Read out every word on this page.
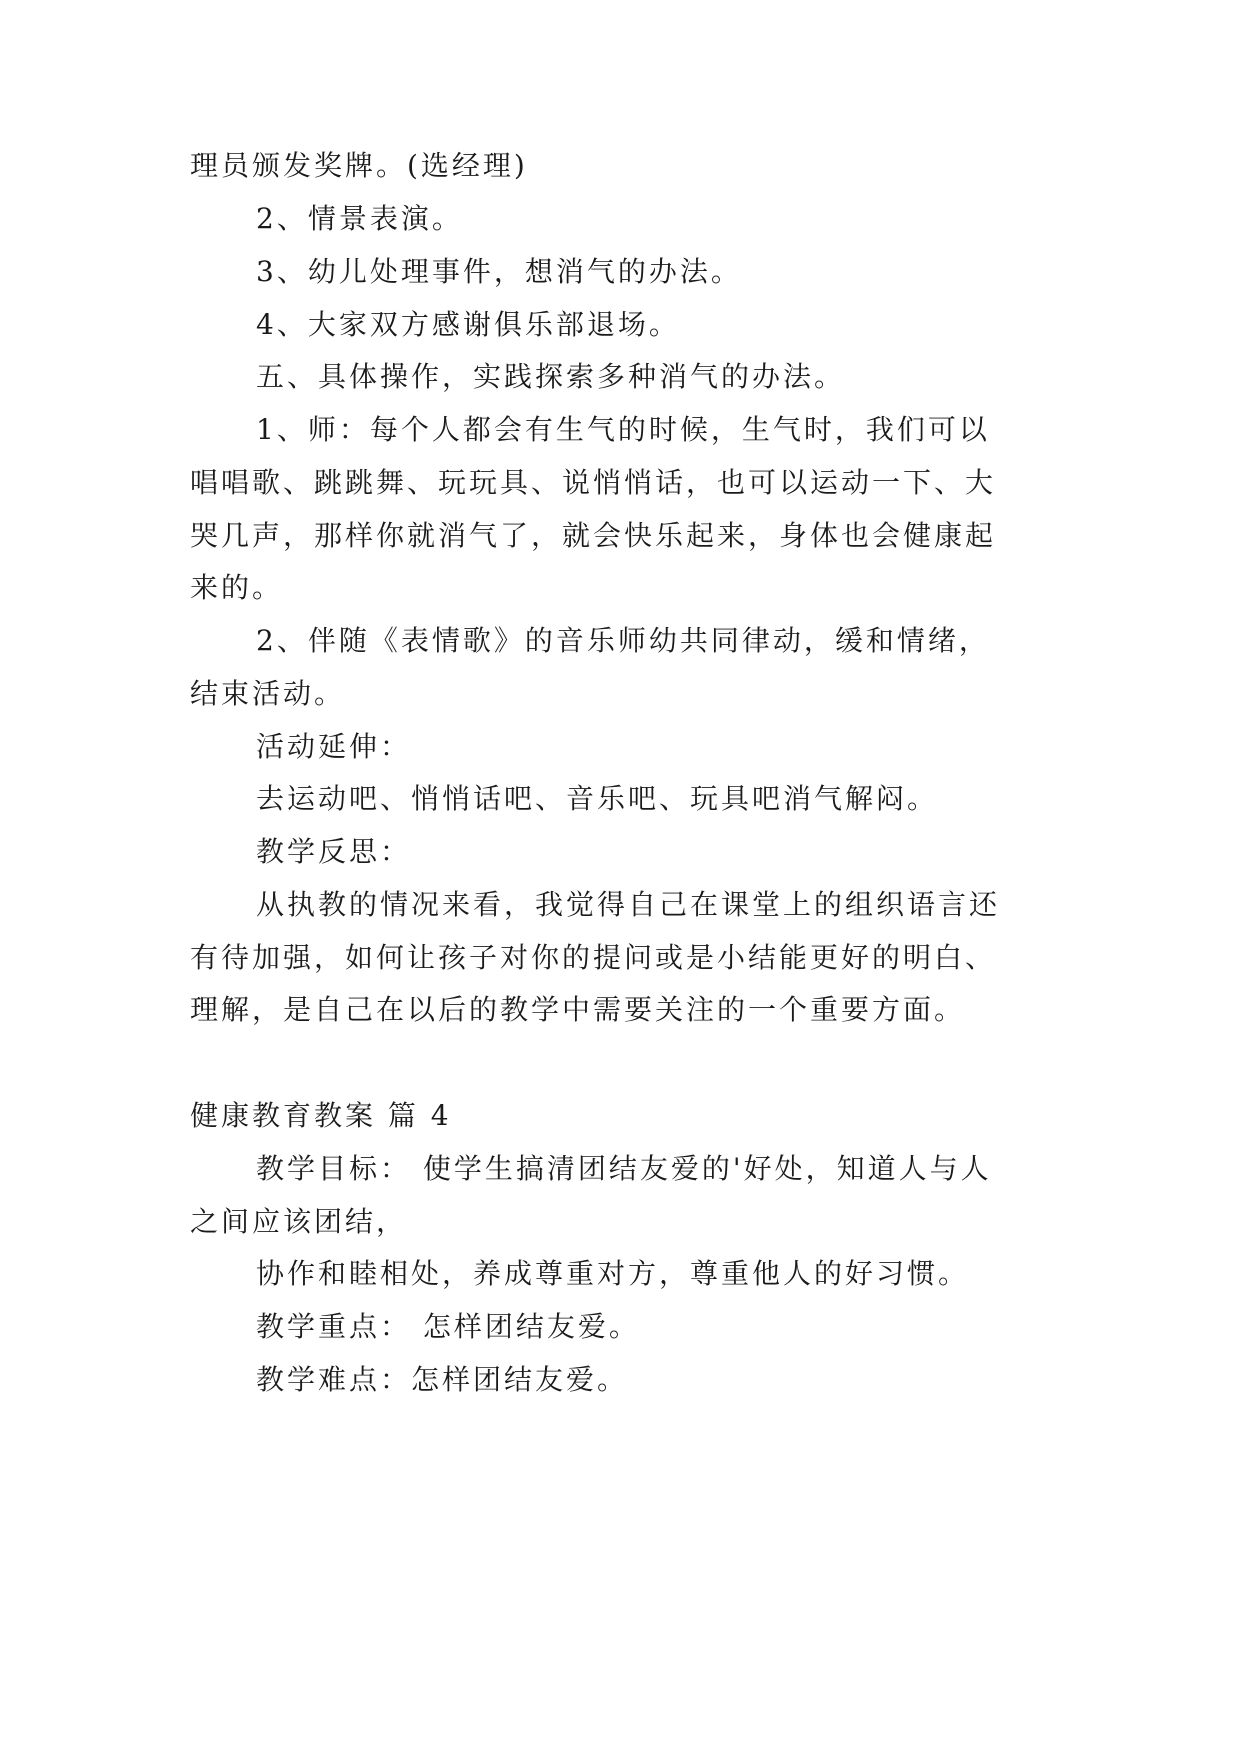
理员颁发奖牌。(选经理)
2、情景表演。
3、幼儿处理事件，想消气的办法。
4、大家双方感谢俱乐部退场。
五、具体操作，实践探索多种消气的办法。
1、师：每个人都会有生气的时候，生气时，我们可以
唱唱歌、跳跳舞、玩玩具、说悄悄话，也可以运动一下、大
哭几声，那样你就消气了，就会快乐起来，身体也会健康起
来的。
2、伴随《表情歌》的音乐师幼共同律动，缓和情绪，
结束活动。
活动延伸：
去运动吧、悄悄话吧、音乐吧、玩具吧消气解闷。
教学反思：
从执教的情况来看，我觉得自己在课堂上的组织语言还
有待加强，如何让孩子对你的提问或是小结能更好的明白、
理解，是自己在以后的教学中需要关注的一个重要方面。
健康教育教案 篇 4
教学目标： 使学生搞清团结友爱的'好处，知道人与人
之间应该团结，
协作和睦相处，养成尊重对方，尊重他人的好习惯。
教学重点： 怎样团结友爱。
教学难点：怎样团结友爱。
